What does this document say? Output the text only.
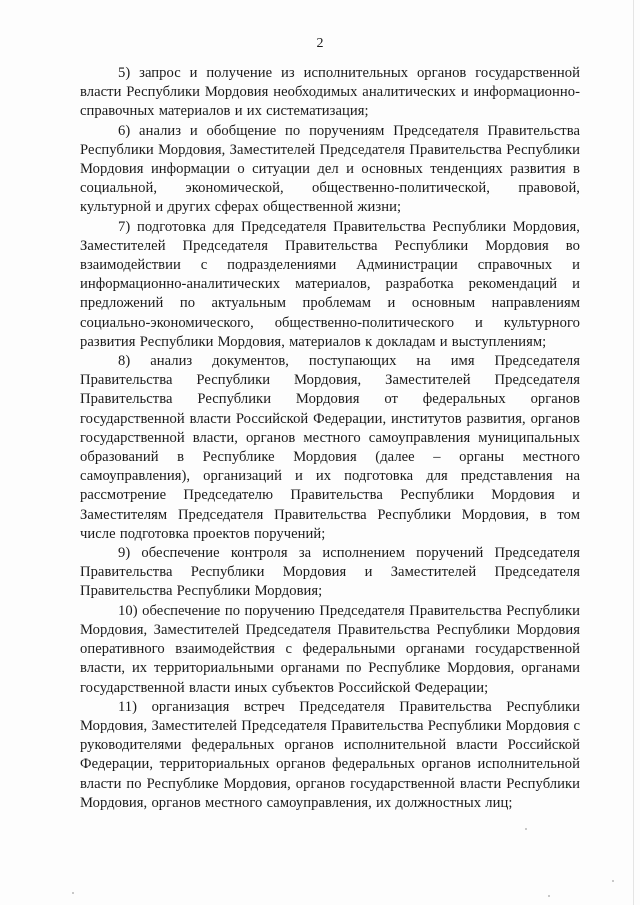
2

5) запрос и получение из исполнительных органов государственной власти Республики Мордовия необходимых аналитических и информационно-справочных материалов и их систематизация;

6) анализ и обобщение по поручениям Председателя Правительства Республики Мордовия, Заместителей Председателя Правительства Республики Мордовия информации о ситуации дел и основных тенденциях развития в социальной, экономической, общественно-политической, правовой, культурной и других сферах общественной жизни;

7) подготовка для Председателя Правительства Республики Мордовия, Заместителей Председателя Правительства Республики Мордовия во взаимодействии с подразделениями Администрации справочных и информационно-аналитических материалов, разработка рекомендаций и предложений по актуальным проблемам и основным направлениям социально-экономического, общественно-политического и культурного развития Республики Мордовия, материалов к докладам и выступлениям;

8) анализ документов, поступающих на имя Председателя Правительства Республики Мордовия, Заместителей Председателя Правительства Республики Мордовия от федеральных органов государственной власти Российской Федерации, институтов развития, органов государственной власти, органов местного самоуправления муниципальных образований в Республике Мордовия (далее – органы местного самоуправления), организаций и их подготовка для представления на рассмотрение Председателю Правительства Республики Мордовия и Заместителям Председателя Правительства Республики Мордовия, в том числе подготовка проектов поручений;

9) обеспечение контроля за исполнением поручений Председателя Правительства Республики Мордовия и Заместителей Председателя Правительства Республики Мордовия;

10) обеспечение по поручению Председателя Правительства Республики Мордовия, Заместителей Председателя Правительства Республики Мордовия оперативного взаимодействия с федеральными органами государственной власти, их территориальными органами по Республике Мордовия, органами государственной власти иных субъектов Российской Федерации;

11) организация встреч Председателя Правительства Республики Мордовия, Заместителей Председателя Правительства Республики Мордовия с руководителями федеральных органов исполнительной власти Российской Федерации, территориальных органов федеральных органов исполнительной власти по Республике Мордовия, органов государственной власти Республики Мордовия, органов местного самоуправления, их должностных лиц;
